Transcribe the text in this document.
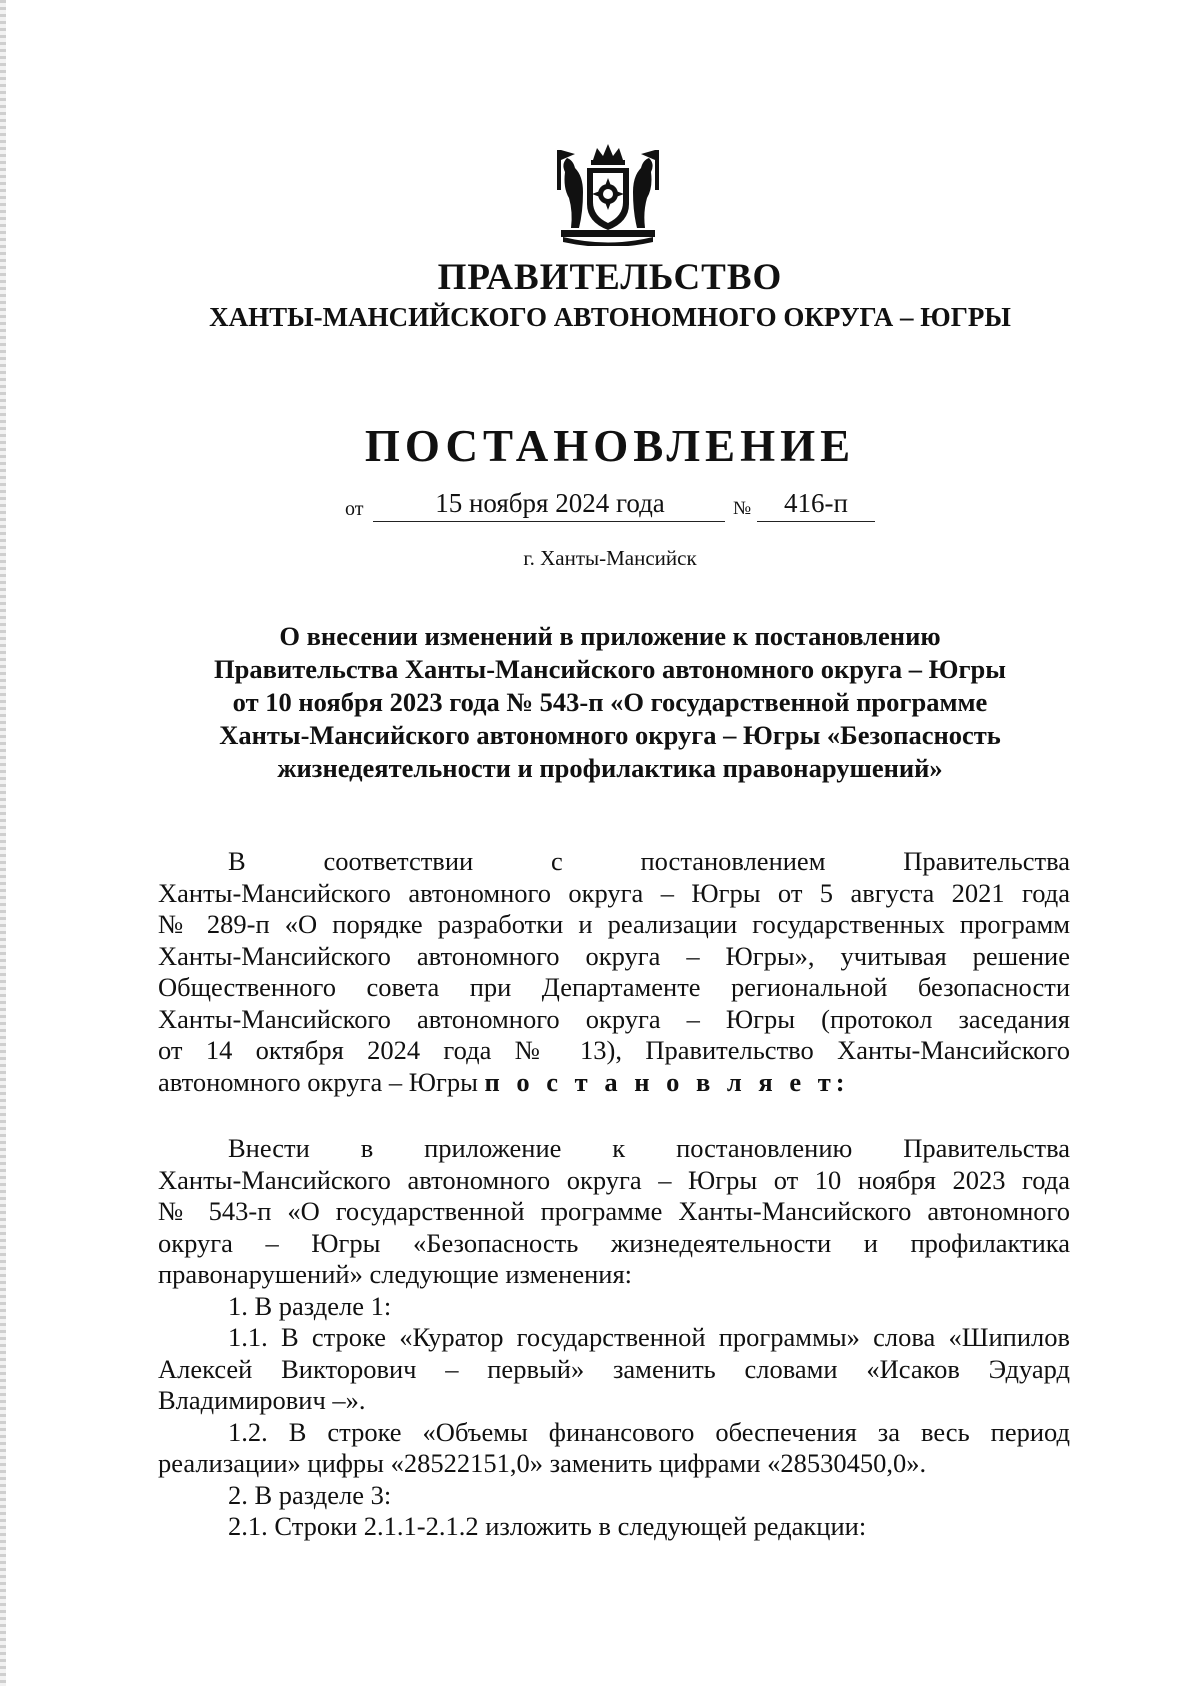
ПРАВИТЕЛЬСТВО
ХАНТЫ-МАНСИЙСКОГО АВТОНОМНОГО ОКРУГА – ЮГРЫ
ПОСТАНОВЛЕНИЕ
от	15 ноября 2024 года	№	416-п
г. Ханты-Мансийск
О внесении изменений в приложение к постановлению
Правительства Ханты-Мансийского автономного округа – Югры
от 10 ноября 2023 года № 543-п «О государственной программе
Ханты-Мансийского автономного округа – Югры «Безопасность
жизнедеятельности и профилактика правонарушений»
В соответствии с постановлением Правительства
Ханты-Мансийского автономного округа – Югры от 5 августа 2021 года
№ 289-п «О порядке разработки и реализации государственных программ
Ханты-Мансийского автономного округа – Югры», учитывая решение
Общественного совета при Департаменте региональной безопасности
Ханты-Мансийского автономного округа – Югры (протокол заседания
от 14 октября 2024 года № 13), Правительство Ханты-Мансийского
автономного округа – Югры п о с т а н о в л я е т:
Внести в приложение к постановлению Правительства
Ханты-Мансийского автономного округа – Югры от 10 ноября 2023 года
№ 543-п «О государственной программе Ханты-Мансийского автономного
округа – Югры «Безопасность жизнедеятельности и профилактика
правонарушений» следующие изменения:
1. В разделе 1:
1.1. В строке «Куратор государственной программы» слова «Шипилов
Алексей Викторович – первый» заменить словами «Исаков Эдуард
Владимирович –».
1.2. В строке «Объемы финансового обеспечения за весь период
реализации» цифры «28522151,0» заменить цифрами «28530450,0».
2. В разделе 3:
2.1. Строки 2.1.1-2.1.2 изложить в следующей редакции:
